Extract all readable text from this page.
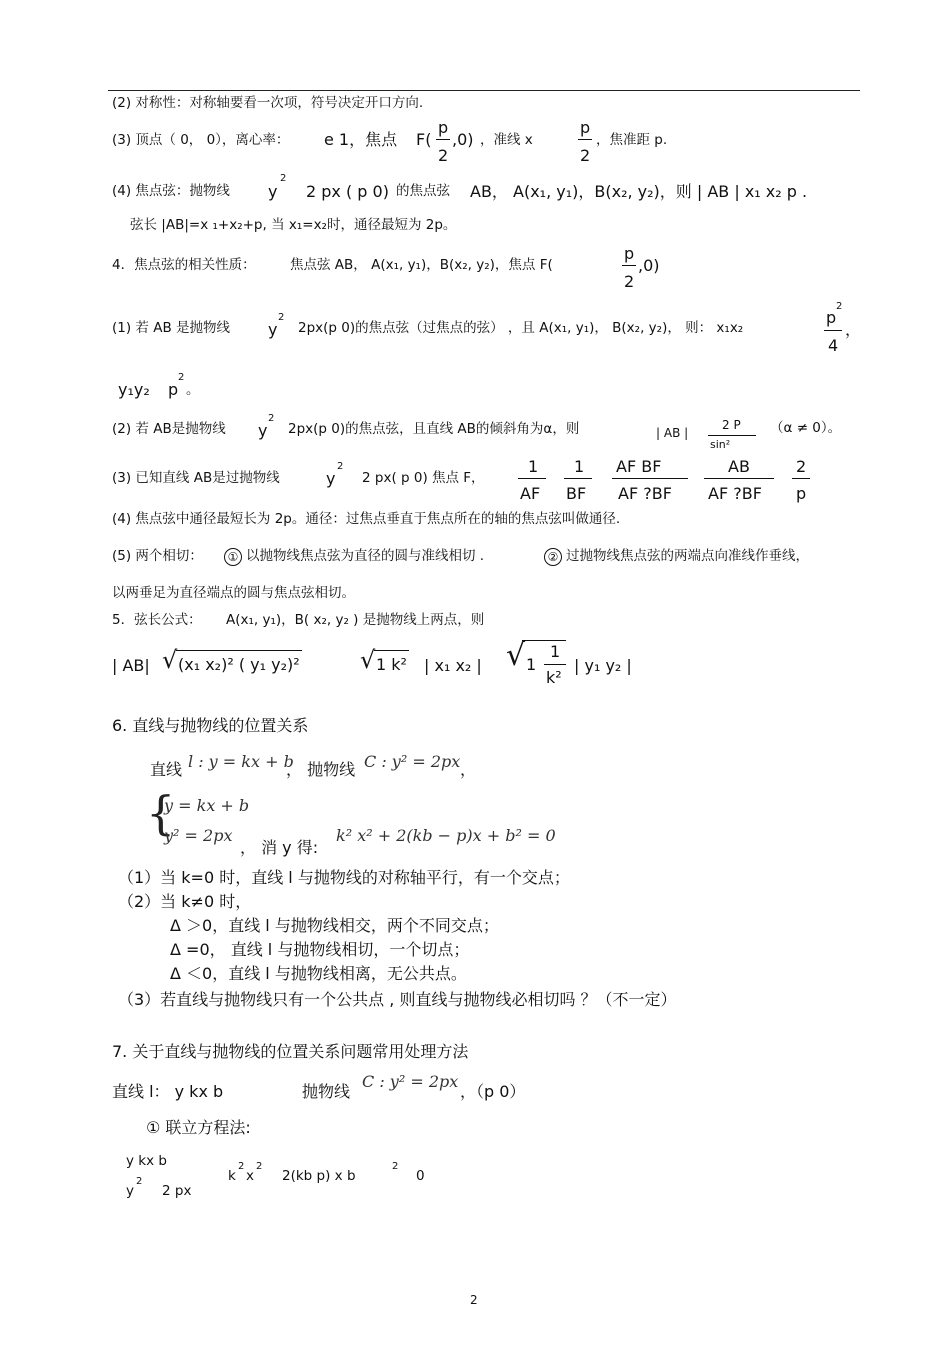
(2) 对称性：对称轴要看一次项，符号决定开口方向.
(3) 顶点（ 0， 0），离心率： e 1，焦点 F(
p
2
,0) ，准线 x
p
2
，焦准距 p.
(4) 焦点弦：抛物线 y
2
2 px ( p 0) 的焦点弦 AB， A(x₁, y₁)，B(x₂, y₂)，则 | AB | x₁ x₂ p .
弦长 |AB|=x ₁+x₂+p, 当 x₁=x₂时，通径最短为 2p。
4．焦点弦的相关性质：	焦点弦 AB， A(x₁, y₁)，B(x₂, y₂)，焦点 F(
p
2
,0)
(1) 若 AB 是抛物线 y
2
2px(p 0)的焦点弦（过焦点的弦） ，且 A(x₁, y₁)， B(x₂, y₂)， 则： x₁x₂
p
2
4
，
y₁y₂ p
2
。
(2) 若 AB是抛物线 y
2
2px(p 0)的焦点弦，且直线 AB的倾斜角为α，则	| AB |
2 P
sin²
（α ≠ 0）。
(3) 已知直线 AB是过抛物线	y
2
2 px( p 0) 焦点 F，
1
AF
1
BF
AF BF
AF ?BF
AB
AF ?BF
2
p
(4) 焦点弦中通径最短长为 2p。通径：过焦点垂直于焦点所在的轴的焦点弦叫做通径.
(5) 两个相切：	① 以抛物线焦点弦为直径的圆与准线相切 .	② 过抛物线焦点弦的两端点向准线作垂线，
以两垂足为直径端点的圆与焦点弦相切。
5．弦长公式： A(x₁, y₁)，B( x₂, y₂ ) 是抛物线上两点，则
| AB| √ (x₁ x₂)² ( y₁ y₂)²	√ 1 k² | x₁ x₂ | √ 1
1
k²
| y₁ y₂ |
6. 直线与抛物线的位置关系
直线 l : y = kx + b
， 抛物线 C : y² = 2px ，
{
y = kx + b
y² = 2px
， 消 y 得:
k² x² + 2(kb − p)x + b² = 0
（1）当 k=0 时，直线 l 与抛物线的对称轴平行，有一个交点；
（2）当 k≠0 时，
Δ ＞0，直线 l 与抛物线相交，两个不同交点；
Δ =0， 直线 l 与抛物线相切，一个切点；
Δ ＜0，直线 l 与抛物线相离，无公共点。
（3）若直线与抛物线只有一个公共点 , 则直线与抛物线必相切吗 ？（不一定）
7. 关于直线与抛物线的位置关系问题常用处理方法
直线 l： y kx b	抛物线
C : y² = 2px
，（p 0）
① 联立方程法:
y kx b
y
2
2 px
k
2
x
2
2(kb p) x b
2
0
2
